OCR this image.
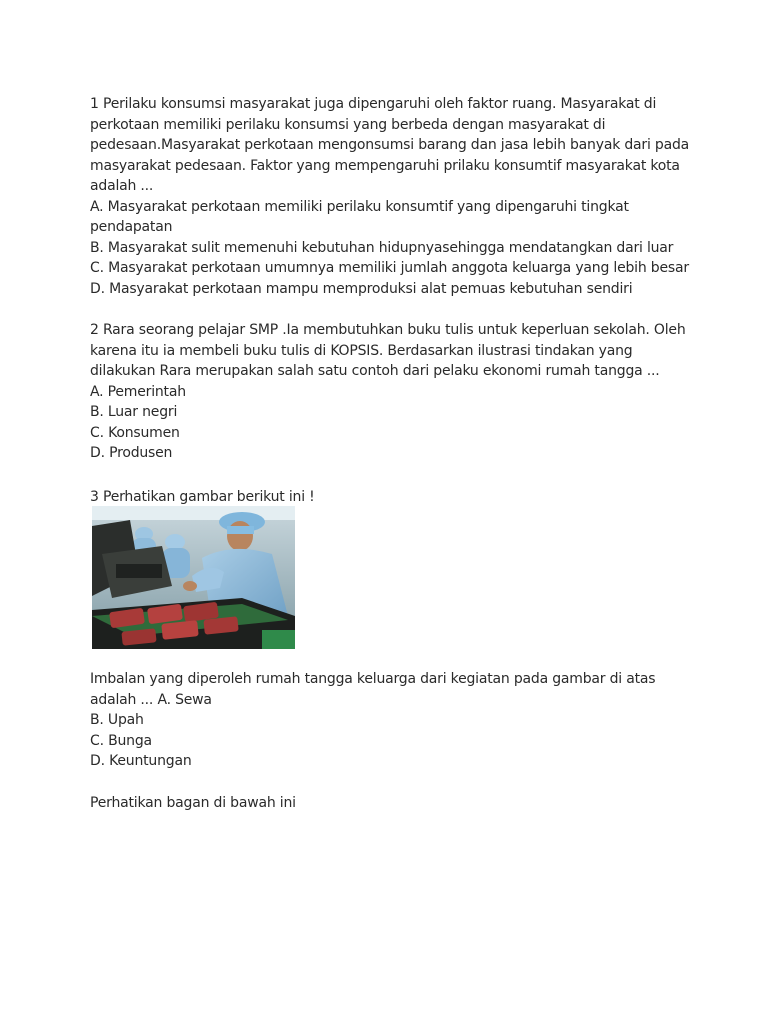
1 Perilaku konsumsi masyarakat juga dipengaruhi oleh faktor ruang. Masyarakat di
perkotaan memiliki perilaku konsumsi yang berbeda dengan masyarakat di
pedesaan.Masyarakat perkotaan mengonsumsi barang dan jasa lebih banyak dari pada
masyarakat pedesaan. Faktor yang mempengaruhi prilaku konsumtif masyarakat kota
adalah ...
A. Masyarakat perkotaan memiliki perilaku konsumtif yang dipengaruhi tingkat
pendapatan
B. Masyarakat sulit memenuhi kebutuhan hidupnyasehingga mendatangkan dari luar
C. Masyarakat perkotaan umumnya memiliki jumlah anggota keluarga yang lebih besar
D. Masyarakat perkotaan mampu memproduksi alat pemuas kebutuhan sendiri
2 Rara seorang pelajar SMP .Ia membutuhkan buku tulis untuk keperluan sekolah. Oleh
karena itu ia membeli buku tulis di KOPSIS. Berdasarkan ilustrasi tindakan yang
dilakukan Rara merupakan salah satu contoh dari pelaku ekonomi rumah tangga ...
A. Pemerintah
B. Luar negri
C. Konsumen
D. Produsen
3 Perhatikan gambar berikut ini !
Imbalan yang diperoleh rumah tangga keluarga dari kegiatan pada gambar di atas
adalah ... A. Sewa
B. Upah
C. Bunga
D. Keuntungan
Perhatikan bagan di bawah ini
